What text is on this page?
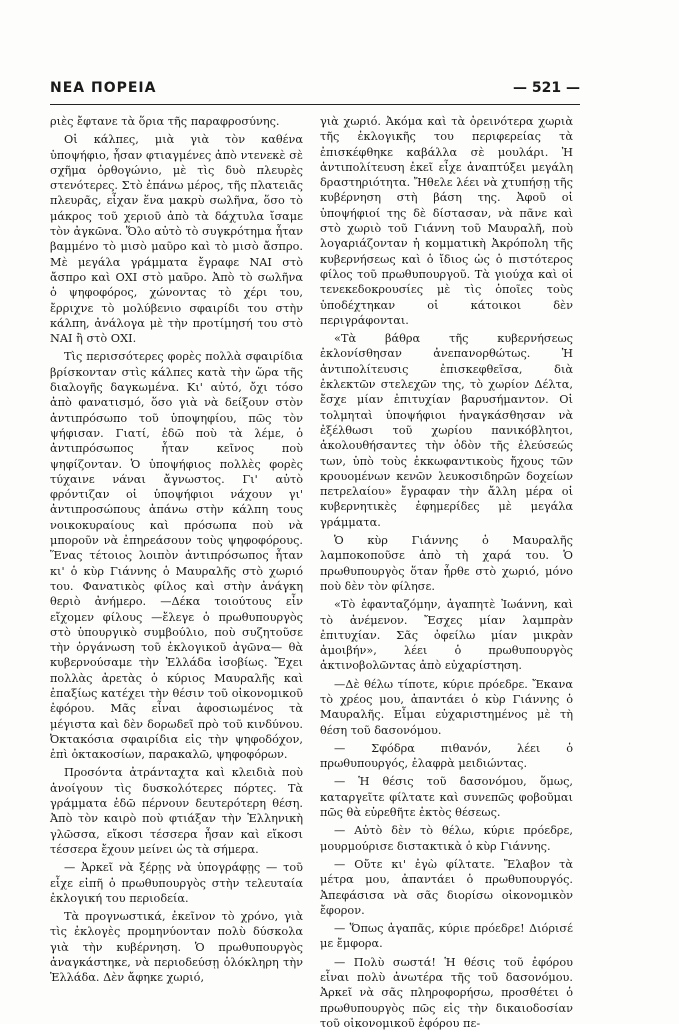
ΝΕΑ ΠΟΡΕΙΑ	— 521 —

ριὲς ἔφτανε τὰ ὅρια τῆς παραφροσύνης.

Οἱ κάλπες, μιὰ γιὰ τὸν καθένα ὑποψήφιο, ἦσαν φτιαγμένες ἀπὸ ντενεκὲ σὲ σχῆμα ὀρθογώνιο, μὲ τὶς δυὸ πλευρὲς στενότερες. Στὸ ἐπάνω μέρος, τῆς πλατειᾶς πλευρᾶς, εἶχαν ἕνα μακρὺ σωλῆνα, ὅσο τὸ μάκρος τοῦ χεριοῦ ἀπὸ τὰ δάχτυλα ἴσαμε τὸν ἀγκῶνα. Ὅλο αὐτὸ τὸ συγκρότημα ἦταν βαμμένο τὸ μισὸ μαῦρο καὶ τὸ μισὸ ἄσπρο. Μὲ μεγάλα γράμματα ἔγραφε ΝΑΙ στὸ ἄσπρο καὶ ΟΧΙ στὸ μαῦρο. Ἀπὸ τὸ σωλῆνα ὁ ψηφοφόρος, χώνοντας τὸ χέρι του, ἔρριχνε τὸ μολύβενιο σφαιρίδι του στὴν κάλπη, ἀνάλογα μὲ τὴν προτίμησή του στὸ ΝΑΙ ἢ στὸ ΟΧΙ.

Τὶς περισσότερες φορὲς πολλὰ σφαιρίδια βρίσκονταν στὶς κάλπες κατὰ τὴν ὥρα τῆς διαλογῆς δαγκωμένα. Κι' αὐτό, ὄχι τόσο ἀπὸ φανατισμό, ὅσο γιὰ νὰ δείξουν στὸν ἀντιπρόσωπο τοῦ ὑποψηφίου, πῶς τὸν ψήφισαν. Γιατί, ἐδῶ ποὺ τὰ λέμε, ὁ ἀντιπρόσωπος ἦταν κεῖνος ποὺ ψηφίζονταν. Ὁ ὑποψήφιος πολλὲς φορὲς τύχαινε νάναι ἄγνωστος. Γι' αὐτὸ φρόντιζαν οἱ ὑποψήφιοι νάχουν γι' ἀντιπροσώπους ἀπάνω στὴν κάλπη τους νοικοκυραίους καὶ πρόσωπα ποὺ νὰ μποροῦν νὰ ἐπηρεάσουν τοὺς ψηφοφόρους. Ἕνας τέτοιος λοιπὸν ἀντιπρόσωπος ἦταν κι' ὁ κὺρ Γιάννης ὁ Μαυραλῆς στὸ χωριό του. Φανατικὸς φίλος καὶ στὴν ἀνάγκη θεριὸ ἀνήμερο. —Δέκα τοιούτους εἶν εἴχομεν φίλους —ἔλεγε ὁ πρωθυπουργὸς στὸ ὑπουργικὸ συμβούλιο, ποὺ συζητοῦσε τὴν ὀργάνωση τοῦ ἐκλογικοῦ ἀγῶνα— θὰ κυβερνούσαμε τὴν Ἑλλάδα ἰσοβίως. Ἔχει πολλὰς ἀρετὰς ὁ κύριος Μαυραλῆς καὶ ἐπαξίως κατέχει τὴν θέσιν τοῦ οἰκονομικοῦ ἐφόρου. Μᾶς εἶναι ἀφοσιωμένος τὰ μέγιστα καὶ δὲν δορωδεῖ πρὸ τοῦ κινδύνου. Ὀκτακόσια σφαιρίδια εἰς τὴν ψηφοδόχον, ἐπὶ ὀκτακοσίων, παρακαλῶ, ψηφοφόρων.

Προσόντα ἀτράνταχτα καὶ κλειδιὰ ποὺ ἀνοίγουν τὶς δυσκολότερες πόρτες. Τὰ γράμματα ἐδῶ πέρνουν δευτερότερη θέση. Ἀπὸ τὸν καιρὸ ποὺ φτιάξαν τὴν Ἑλληνικὴ γλῶσσα, εἴκοσι τέσσερα ἦσαν καὶ εἴκοσι τέσσερα ἔχουν μείνει ὡς τὰ σήμερα.

— Ἀρκεῖ νὰ ξέρῃς νὰ ὑπογράφῃς — τοῦ εἶχε εἰπῆ ὁ πρωθυπουργὸς στὴν τελευταία ἐκλογική του περιοδεία.

Τὰ προγνωστικά, ἐκεῖνον τὸ χρόνο, γιὰ τὶς ἐκλογὲς προμηνύονταν πολὺ δύσκολα γιὰ τὴν κυβέρνηση. Ὁ πρωθυπουργὸς ἀναγκάστηκε, νὰ περιοδεύσῃ ὁλόκληρη τὴν Ἑλλάδα. Δὲν ἄφηκε χωριό,

γιὰ χωριό. Ἀκόμα καὶ τὰ ὀρεινότερα χωριὰ τῆς ἐκλογικῆς του περιφερείας τὰ ἐπισκέφθηκε καβάλλα σὲ μουλάρι. Ἡ ἀντιπολίτευση ἐκεῖ εἶχε ἀναπτύξει μεγάλη δραστηριότητα. Ἤθελε λέει νὰ χτυπήσῃ τῆς κυβέρνηση στὴ βάση της. Ἀφοῦ οἱ ὑποψήφιοί της δὲ δίστασαν, νὰ πᾶνε καὶ στὸ χωριὸ τοῦ Γιάννη τοῦ Μαυραλῆ, ποὺ λογαριάζονταν ἡ κομματικὴ Ἀκρόπολη τῆς κυβερνήσεως καὶ ὁ ἴδιος ὡς ὁ πιστότερος φίλος τοῦ πρωθυπουργοῦ. Τὰ γιούχα καὶ οἱ τενεκεδοκρουσίες μὲ τὶς ὁποῖες τοὺς ὑποδέχτηκαν οἱ κάτοικοι δὲν περιγράφονται.

«Τὰ βάθρα τῆς κυβερνήσεως ἐκλονίσθησαν ἀνεπανορθώτως. Ἡ ἀντιπολίτευσις ἐπισκεφθεῖσα, διὰ ἐκλεκτῶν στελεχῶν της, τὸ χωρίον Δέλτα, ἔσχε μίαν ἐπιτυχίαν βαρυσήμαντον. Οἱ τολμηταὶ ὑποψήφιοι ἠναγκάσθησαν νὰ ἐξέλθωσι τοῦ χωρίου πανικόβλητοι, ἀκολουθήσαντες τὴν ὁδὸν τῆς ἐλεύσεώς των, ὑπὸ τοὺς ἐκκωφαντικοὺς ἤχους τῶν κρουομένων κενῶν λευκοσιδηρῶν δοχείων πετρελαίου» ἔγραφαν τὴν ἄλλη μέρα οἱ κυβερνητικὲς ἐφημερίδες μὲ μεγάλα γράμματα.

Ὁ κὺρ Γιάννης ὁ Μαυραλῆς λαμποκοποῦσε ἀπὸ τὴ χαρά του. Ὁ πρωθυπουργὸς ὅταν ἦρθε στὸ χωριό, μόνο ποὺ δὲν τὸν φίλησε.

«Τὸ ἐφανταζόμην, ἀγαπητὲ Ἰωάννη, καὶ τὸ ἀνέμενον. Ἔσχες μίαν λαμπρὰν ἐπιτυχίαν. Σᾶς ὀφείλω μίαν μικρὰν ἀμοιβήν», λέει ὁ πρωθυπουργὸς ἀκτινοβολῶντας ἀπὸ εὐχαρίστηση.

—Δὲ θέλω τίποτε, κύριε πρόεδρε. Ἔκανα τὸ χρέος μου, ἀπαντάει ὁ κὺρ Γιάννης ὁ Μαυραλῆς. Εἶμαι εὐχαριστημένος μὲ τὴ θέση τοῦ δασονόμου.

— Σφόδρα πιθανόν, λέει ὁ πρωθυπουργός, ἐλαφρὰ μειδιώντας.

— Ἡ θέσις τοῦ δασονόμου, ὅμως, καταργεῖτε φίλτατε καὶ συνεπῶς φοβοῦμαι πῶς θὰ εὑρεθῆτε ἐκτὸς θέσεως.

— Αὐτὸ δὲν τὸ θέλω, κύριε πρόεδρε, μουρμούρισε διστακτικὰ ὁ κὺρ Γιάννης.

— Οὔτε κι' ἐγὼ φίλτατε. Ἔλαβον τὰ μέτρα μου, ἀπαντάει ὁ πρωθυπουργός. Ἀπεφάσισα νὰ σᾶς διορίσω οἰκονομικὸν ἔφορον.

— Ὅπως ἀγαπᾶς, κύριε πρόεδρε! Διόρισέ με ἔμφορα.

— Πολὺ σωστά! Ἡ θέσις τοῦ ἐφόρου εἶναι πολὺ ἀνωτέρα τῆς τοῦ δασονόμου. Ἀρκεῖ νὰ σᾶς πληροφορήσω, προσθέτει ὁ πρωθυπουργὸς πῶς εἰς τὴν δικαιοδοσίαν τοῦ οἰκονομικοῦ ἐφόρου πε-
